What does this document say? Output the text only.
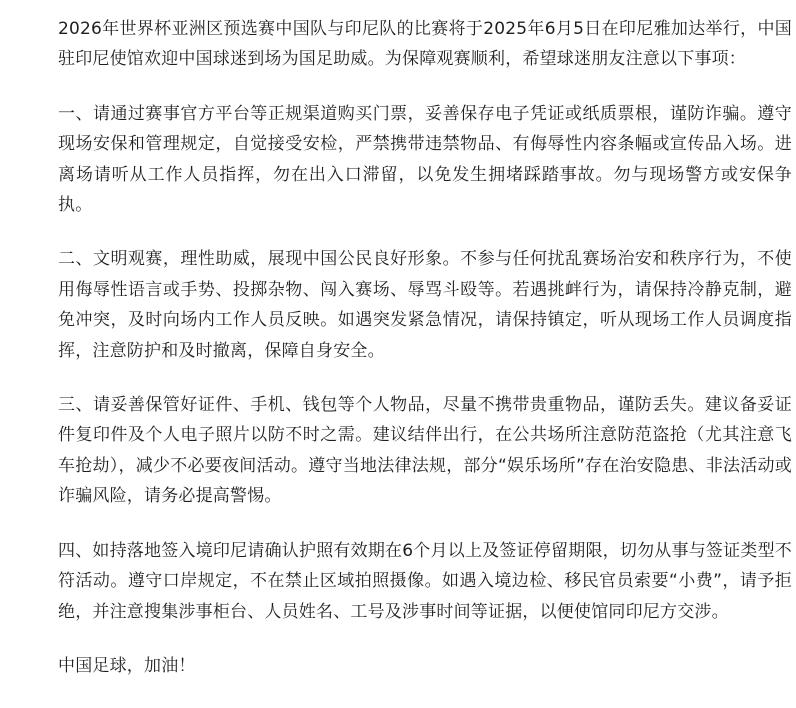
2026年世界杯亚洲区预选赛中国队与印尼队的比赛将于2025年6月5日在印尼雅加达举行，中国驻印尼使馆欢迎中国球迷到场为国足助威。为保障观赛顺利，希望球迷朋友注意以下事项：

一、请通过赛事官方平台等正规渠道购买门票，妥善保存电子凭证或纸质票根，谨防诈骗。遵守现场安保和管理规定，自觉接受安检，严禁携带违禁物品、有侮辱性内容条幅或宣传品入场。进离场请听从工作人员指挥，勿在出入口滞留，以免发生拥堵踩踏事故。勿与现场警方或安保争执。

二、文明观赛，理性助威，展现中国公民良好形象。不参与任何扰乱赛场治安和秩序行为，不使用侮辱性语言或手势、投掷杂物、闯入赛场、辱骂斗殴等。若遇挑衅行为，请保持冷静克制，避免冲突，及时向场内工作人员反映。如遇突发紧急情况，请保持镇定，听从现场工作人员调度指挥，注意防护和及时撤离，保障自身安全。

三、请妥善保管好证件、手机、钱包等个人物品，尽量不携带贵重物品，谨防丢失。建议备妥证件复印件及个人电子照片以防不时之需。建议结伴出行，在公共场所注意防范盗抢（尤其注意飞车抢劫），减少不必要夜间活动。遵守当地法律法规，部分“娱乐场所”存在治安隐患、非法活动或诈骗风险，请务必提高警惕。

四、如持落地签入境印尼请确认护照有效期在6个月以上及签证停留期限，切勿从事与签证类型不符活动。遵守口岸规定，不在禁止区域拍照摄像。如遇入境边检、移民官员索要“小费”，请予拒绝，并注意搜集涉事柜台、人员姓名、工号及涉事时间等证据，以便使馆同印尼方交涉。

中国足球，加油！
